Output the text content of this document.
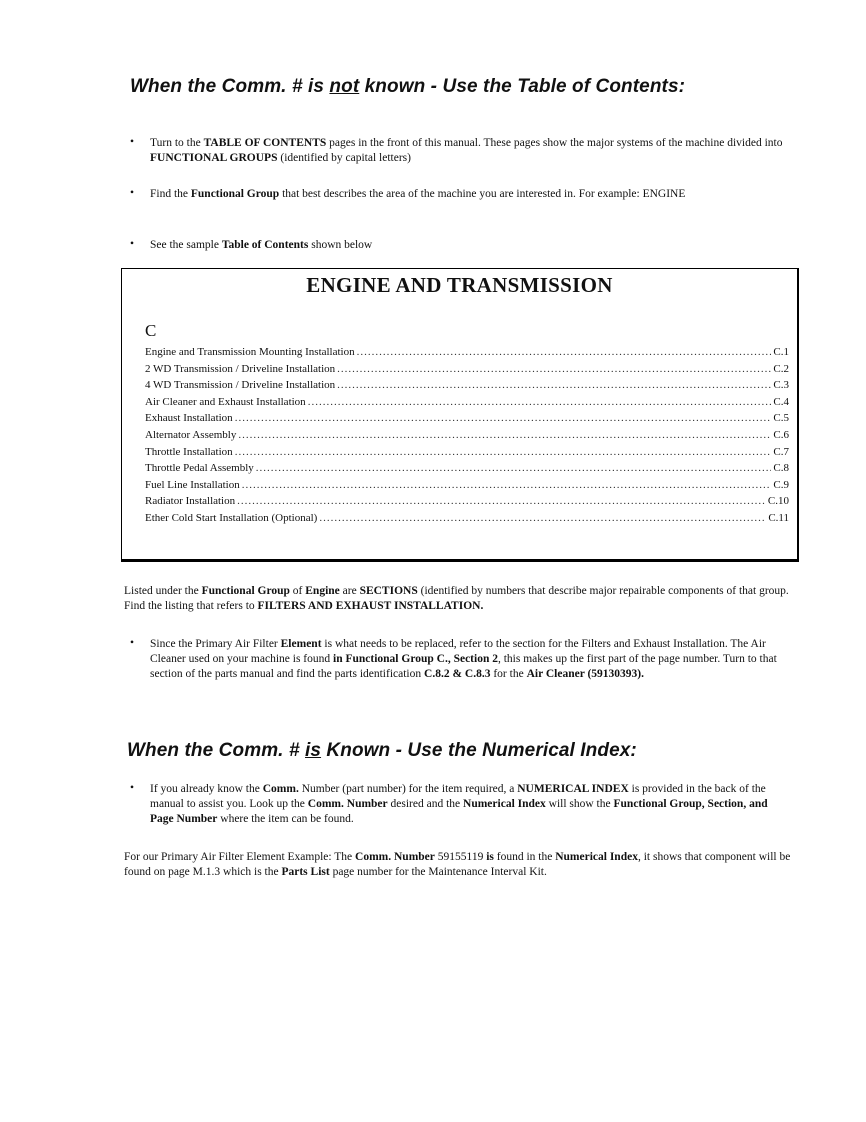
When the Comm. # is not known - Use the Table of Contents:
• Turn to the TABLE OF CONTENTS pages in the front of this manual. These pages show the major systems of the machine divided into FUNCTIONAL GROUPS (identified by capital letters)
•	Find the Functional Group that best describes the area of the machine you are interested in. For example: ENGINE
• See the sample Table of Contents shown below
ENGINE AND TRANSMISSION
C
Engine and Transmission Mounting Installation .....	C.1
2 WD Transmission / Driveline Installation .....	C.2
4 WD Transmission / Driveline Installation .....	C.3
Air Cleaner and Exhaust Installation .....	C.4
Exhaust Installation .....	C.5
Alternator Assembly .....	C.6
Throttle Installation .....	C.7
Throttle Pedal Assembly .....	C.8
Fuel Line Installation .....	C.9
Radiator Installation .....	C.10
Ether Cold Start Installation (Optional) .....	C.11
Listed under the Functional Group of Engine are SECTIONS (identified by numbers that describe major repairable components of that group. Find the listing that refers to FILTERS AND EXHAUST INSTALLATION.
• Since the Primary Air Filter Element is what needs to be replaced, refer to the section for the Filters and Exhaust Installation. The Air Cleaner used on your machine is found in Functional Group C., Section 2, this makes up the first part of the page number. Turn to that section of the parts manual and find the parts identification C.8.2 & C.8.3 for the Air Cleaner (59130393).
When the Comm. # is Known - Use the Numerical Index:
• If you already know the Comm. Number (part number) for the item required, a NUMERICAL INDEX is provided in the back of the manual to assist you. Look up the Comm. Number desired and the Numerical Index will show the Functional Group, Section, and Page Number where the item can be found.
For our Primary Air Filter Element Example: The Comm. Number 59155119 is found in the Numerical Index, it shows that component will be found on page M.1.3 which is the Parts List page number for the Maintenance Interval Kit.
